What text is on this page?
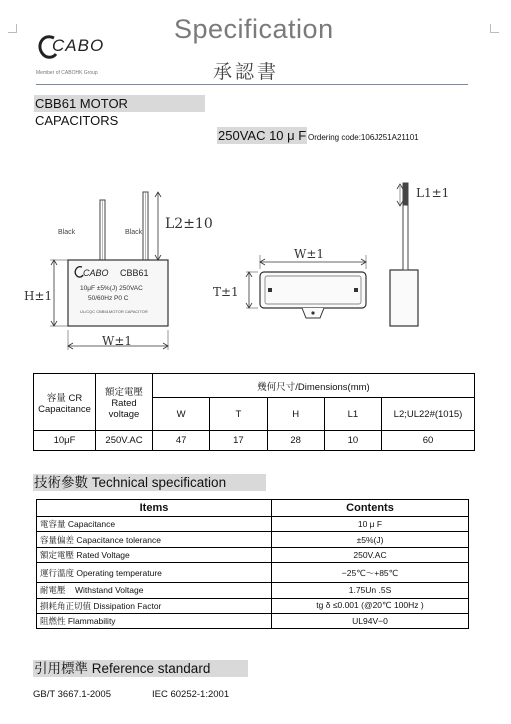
CABO
Member of CABOHK Group
Specification
承認書
CBB61 MOTOR CAPACITORS
250VAC 10 μ F Ordering code:106J251A21101
Black	Black
CABO CBB61
10μF ±5%(J) 250VAC
50/60Hz P0 C
UL/CQC CBB61MOTOR CAPACITOR
L2±10
H±1
W±1
W±1
T±1
L1±1
容量 CR Capacitance	額定電壓 Rated voltage	幾何尺寸/Dimensions(mm)				
		W	T	H	L1	L2;UL22#(1015)
10μF	250V.AC	47	17	28	10	60
技術參數 Technical specification
Items	Contents
電容量 Capacitance	10 μ F
容量偏差 Capacitance tolerance	±5%(J)
額定電壓 Rated Voltage	250V.AC
運行溫度 Operating temperature	−25℃～+85℃
耐電壓    Withstand Voltage	1.75Un .5S
損耗角正切值 Dissipation Factor	tg δ ≤0.001 (@20℃ 100Hz )
阻燃性 Flammability	UL94V−0
引用標準 Reference standard
GB/T 3667.1-2005	IEC 60252-1:2001
